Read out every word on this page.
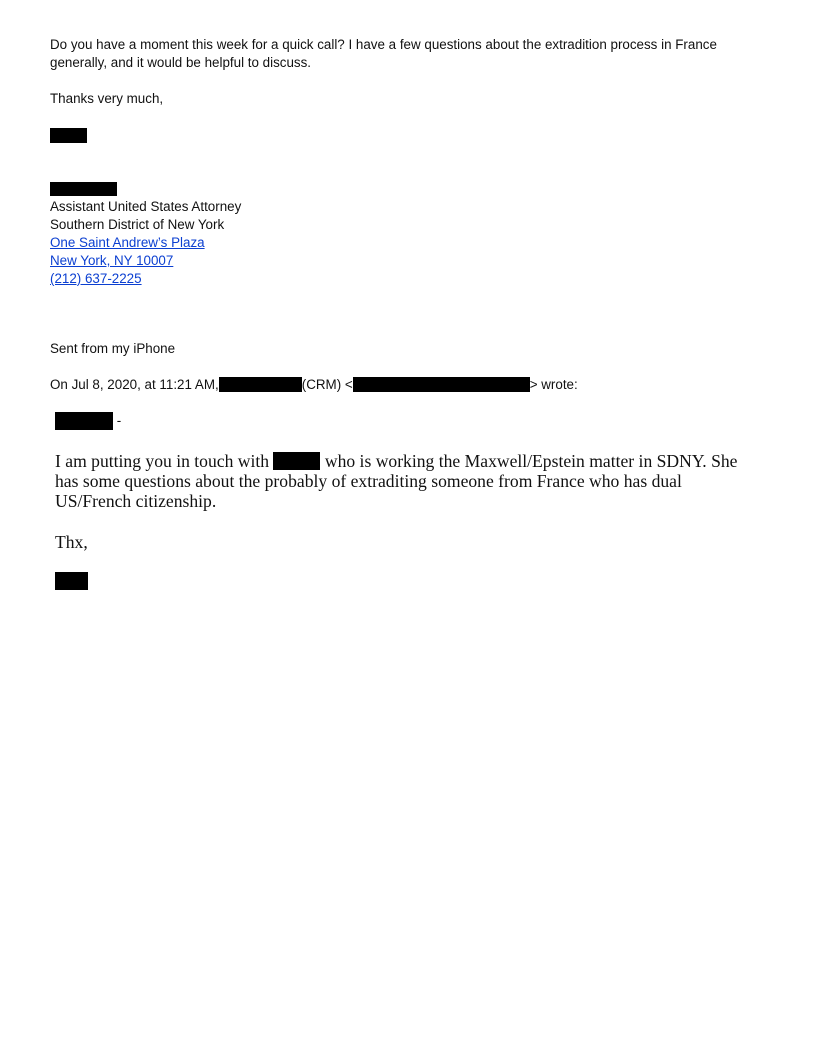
Do you have a moment this week for a quick call? I have a few questions about the extradition process in France
generally, and it would be helpful to discuss.
Thanks very much,
Assistant United States Attorney
Southern District of New York
One Saint Andrew’s Plaza
New York, NY 10007
(212) 637-2225
Sent from my iPhone
On Jul 8, 2020, at 11:21 AM,	(CRM) <	> wrote:
-
I am putting you in touch with	who is working the Maxwell/Epstein matter in SDNY. She
has some questions about the probably of extraditing someone from France who has dual
US/French citizenship.
Thx,
